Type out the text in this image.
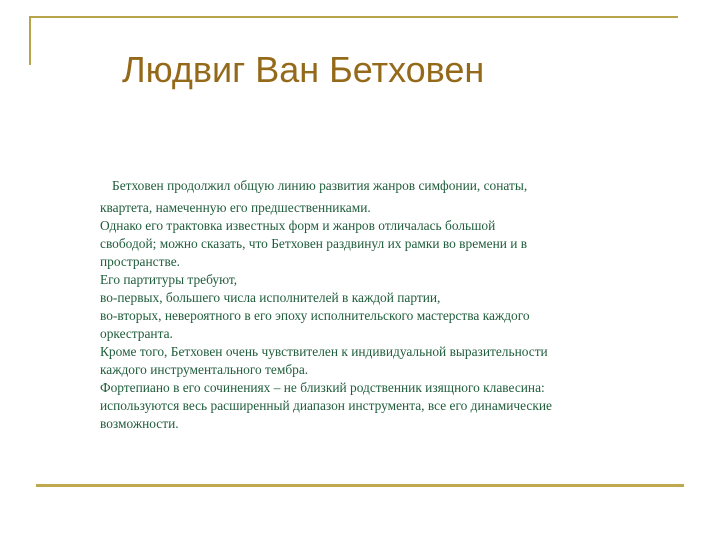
Людвиг Ван Бетховен
Бетховен продолжил общую линию развития жанров симфонии, сонаты,
квартета, намеченную его предшественниками.
Однако его трактовка известных форм и жанров отличалась большой
свободой; можно сказать, что Бетховен раздвинул их рамки во времени и в
пространстве.
Его партитуры требуют,
во-первых, большего числа исполнителей в каждой партии,
во-вторых, невероятного в его эпоху исполнительского мастерства каждого
оркестранта.
Кроме того, Бетховен очень чувствителен к индивидуальной выразительности
каждого инструментального тембра.
Фортепиано в его сочинениях – не близкий родственник изящного клавесина:
используются весь расширенный диапазон инструмента, все его динамические
возможности.
